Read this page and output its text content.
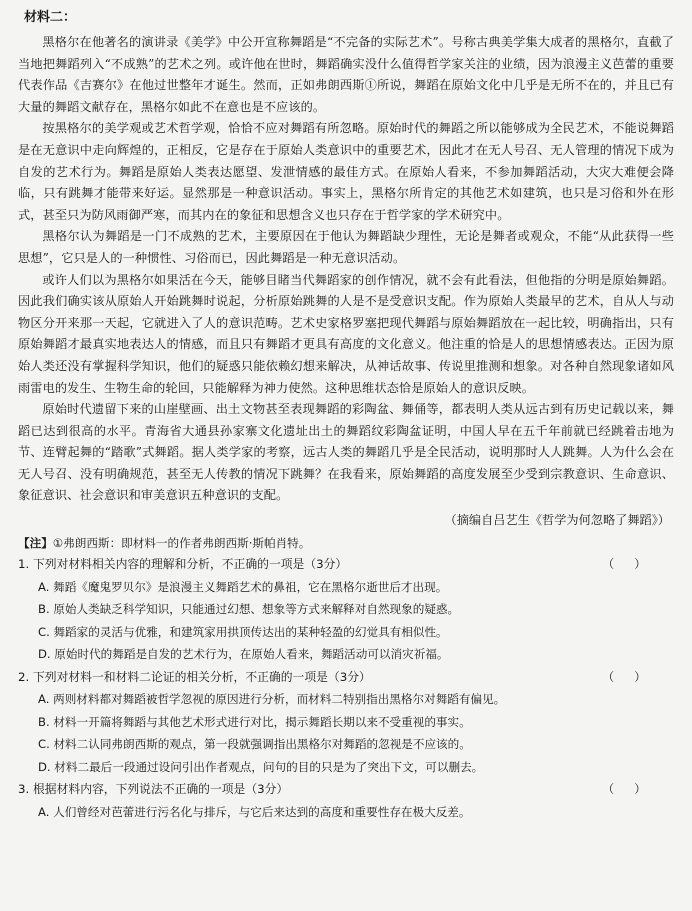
材料二：

黑格尔在他著名的演讲录《美学》中公开宣称舞蹈是“不完备的实际艺术”。号称古典美学集大成者的黑格尔，直截了当地把舞蹈列入“不成熟”的艺术之列。或许他在世时，舞蹈确实没什么值得哲学家关注的业绩，因为浪漫主义芭蕾的重要代表作品《吉赛尔》在他过世整年才诞生。然而，正如弗朗西斯①所说，舞蹈在原始文化中几乎是无所不在的，并且已有大量的舞蹈文献存在，黑格尔如此不在意也是不应该的。

按黑格尔的美学观或艺术哲学观，恰恰不应对舞蹈有所忽略。原始时代的舞蹈之所以能够成为全民艺术，不能说舞蹈是在无意识中走向辉煌的，正相反，它是存在于原始人类意识中的重要艺术，因此才在无人号召、无人管理的情况下成为自发的艺术行为。舞蹈是原始人类表达愿望、发泄情感的最佳方式。在原始人看来，不参加舞蹈活动，大灾大难便会降临，只有跳舞才能带来好运。显然那是一种意识活动。事实上，黑格尔所肯定的其他艺术如建筑，也只是习俗和外在形式，甚至只为防风雨御严寒，而其内在的象征和思想含义也只存在于哲学家的学术研究中。

黑格尔认为舞蹈是一门不成熟的艺术，主要原因在于他认为舞蹈缺少理性，无论是舞者或观众，不能“从此获得一些思想”，它只是人的一种惯性、习俗而已，因此舞蹈是一种无意识活动。

或许人们以为黑格尔如果活在今天，能够目睹当代舞蹈家的创作情况，就不会有此看法，但他指的分明是原始舞蹈。因此我们确实该从原始人开始跳舞时说起，分析原始跳舞的人是不是受意识支配。作为原始人类最早的艺术，自从人与动物区分开来那一天起，它就进入了人的意识范畴。艺术史家格罗塞把现代舞蹈与原始舞蹈放在一起比较，明确指出，只有原始舞蹈才最真实地表达人的情感，而且只有舞蹈才更具有高度的文化意义。他注重的恰是人的思想情感表达。正因为原始人类还没有掌握科学知识，他们的疑惑只能依赖幻想来解决，从神话故事、传说里推测和想象。对各种自然现象诸如风雨雷电的发生、生物生命的轮回，只能解释为神力使然。这种思维状态恰是原始人的意识反映。

原始时代遗留下来的山崖壁画、出土文物甚至表现舞蹈的彩陶盆、舞俑等，都表明人类从远古到有历史记载以来，舞蹈已达到很高的水平。青海省大通县孙家寨文化遗址出土的舞蹈纹彩陶盆证明，中国人早在五千年前就已经跳着击地为节、连臂起舞的“踏歌”式舞蹈。据人类学家的考察，远古人类的舞蹈几乎是全民活动，说明那时人人跳舞。人为什么会在无人号召、没有明确规范，甚至无人传教的情况下跳舞？在我看来，原始舞蹈的高度发展至少受到宗教意识、生命意识、象征意识、社会意识和审美意识五种意识的支配。

（摘编自吕艺生《哲学为何忽略了舞蹈》）
【注】①弗朗西斯：即材料一的作者弗朗西斯·斯帕肖特。
1. 下列对材料相关内容的理解和分析，不正确的一项是（3分）	（）
A. 舞蹈《魔鬼罗贝尔》是浪漫主义舞蹈艺术的鼻祖，它在黑格尔逝世后才出现。
B. 原始人类缺乏科学知识，只能通过幻想、想象等方式来解释对自然现象的疑惑。
C. 舞蹈家的灵活与优雅，和建筑家用拱顶传达出的某种轻盈的幻觉具有相似性。
D. 原始时代的舞蹈是自发的艺术行为，在原始人看来，舞蹈活动可以消灾祈福。
2. 下列对材料一和材料二论证的相关分析，不正确的一项是（3分）	（）
A. 两则材料都对舞蹈被哲学忽视的原因进行分析，而材料二特别指出黑格尔对舞蹈有偏见。
B. 材料一开篇将舞蹈与其他艺术形式进行对比，揭示舞蹈长期以来不受重视的事实。
C. 材料二认同弗朗西斯的观点，第一段就强调指出黑格尔对舞蹈的忽视是不应该的。
D. 材料二最后一段通过设问引出作者观点，问句的目的只是为了突出下文，可以删去。
3. 根据材料内容，下列说法不正确的一项是（3分）	（）
A. 人们曾经对芭蕾进行污名化与排斥，与它后来达到的高度和重要性存在极大反差。
